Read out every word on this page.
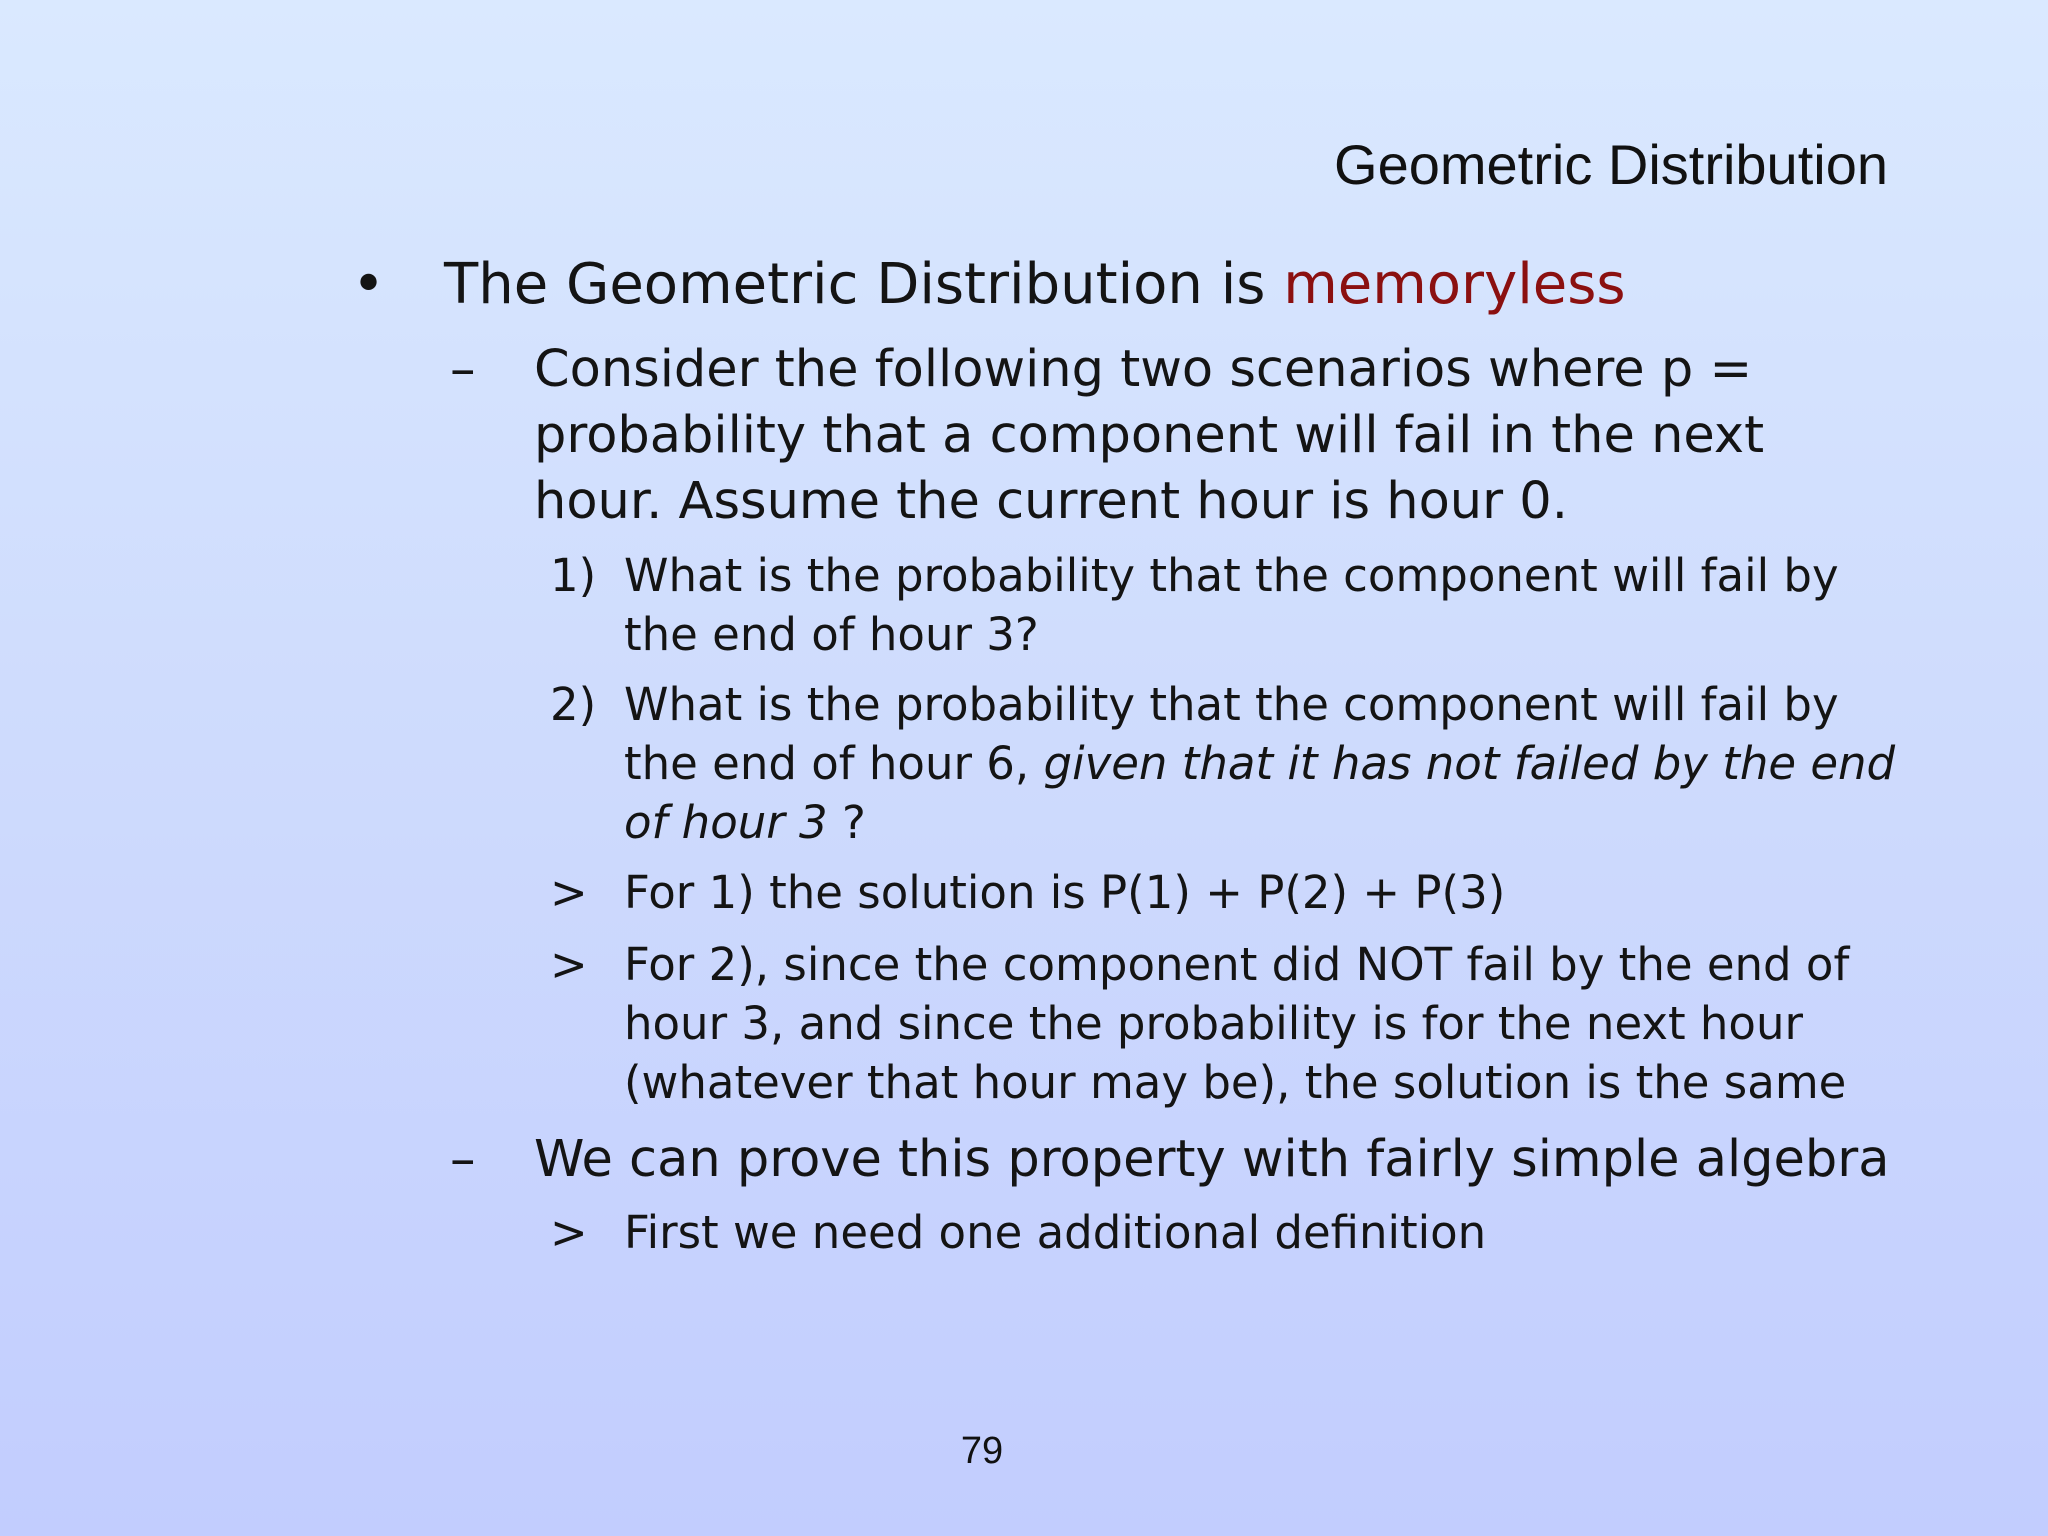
Geometric Distribution
• The Geometric Distribution is memoryless
– Consider the following two scenarios where p =
probability that a component will fail in the next
hour. Assume the current hour is hour 0.
1) What is the probability that the component will fail by
the end of hour 3?
2) What is the probability that the component will fail by
the end of hour 6, given that it has not failed by the end
of hour 3 ?
> For 1) the solution is P(1) + P(2) + P(3)
> For 2), since the component did NOT fail by the end of
hour 3, and since the probability is for the next hour
(whatever that hour may be), the solution is the same
– We can prove this property with fairly simple algebra
> First we need one additional definition
79
